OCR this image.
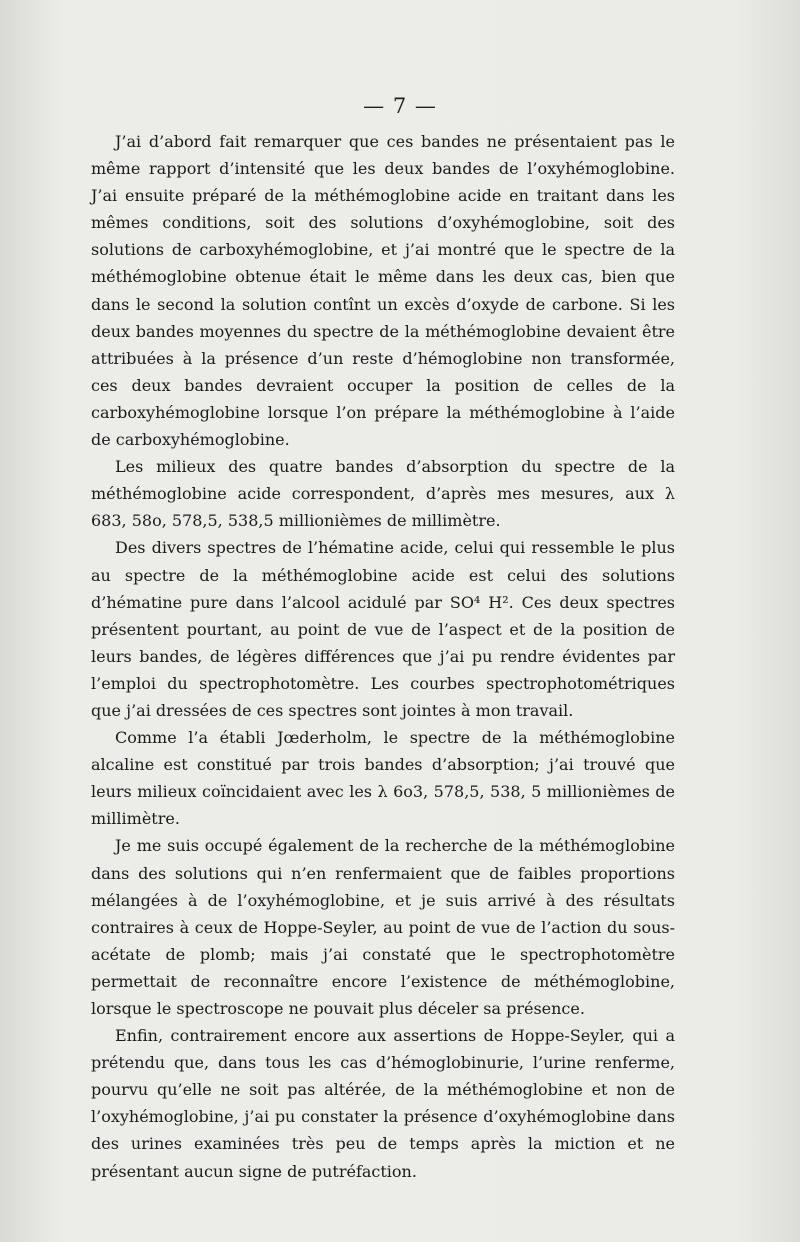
— 7 —

J’ai d’abord fait remarquer que ces bandes ne présentaient pas le même rapport d’intensité que les deux bandes de l’oxyhémoglobine. J’ai ensuite préparé de la méthémoglobine acide en traitant dans les mêmes conditions, soit des solutions d’oxyhémoglobine, soit des solutions de carboxyhémoglobine, et j’ai montré que le spectre de la méthémoglobine obtenue était le même dans les deux cas, bien que dans le second la solution contînt un excès d’oxyde de carbone. Si les deux bandes moyennes du spectre de la méthémoglobine devaient être attribuées à la présence d’un reste d’hémoglobine non transformée, ces deux bandes devraient occuper la position de celles de la carboxyhémoglobine lorsque l’on prépare la méthémoglobine à l’aide de carboxyhémoglobine.

Les milieux des quatre bandes d’absorption du spectre de la méthémoglobine acide correspondent, d’après mes mesures, aux λ 683, 58o, 578,5, 538,5 millionièmes de millimètre.

Des divers spectres de l’hématine acide, celui qui ressemble le plus au spectre de la méthémoglobine acide est celui des solutions d’hématine pure dans l’alcool acidulé par SO⁴ H². Ces deux spectres présentent pourtant, au point de vue de l’aspect et de la position de leurs bandes, de légères différences que j’ai pu rendre évidentes par l’emploi du spectrophotomètre. Les courbes spectrophotométriques que j’ai dressées de ces spectres sont jointes à mon travail.

Comme l’a établi Jœderholm, le spectre de la méthémoglobine alcaline est constitué par trois bandes d’absorption; j’ai trouvé que leurs milieux coïncidaient avec les λ 6o3, 578,5, 538, 5 millionièmes de millimètre.

Je me suis occupé également de la recherche de la méthémoglobine dans des solutions qui n’en renfermaient que de faibles proportions mélangées à de l’oxyhémoglobine, et je suis arrivé à des résultats contraires à ceux de Hoppe-Seyler, au point de vue de l’action du sous-acétate de plomb; mais j’ai constaté que le spectrophotomètre permettait de reconnaître encore l’existence de méthémoglobine, lorsque le spectroscope ne pouvait plus déceler sa présence.

Enfin, contrairement encore aux assertions de Hoppe-Seyler, qui a prétendu que, dans tous les cas d’hémoglobinurie, l’urine renferme, pourvu qu’elle ne soit pas altérée, de la méthémoglobine et non de l’oxyhémoglobine, j’ai pu constater la présence d’oxyhémoglobine dans des urines examinées très peu de temps après la miction et ne présentant aucun signe de putréfaction.
